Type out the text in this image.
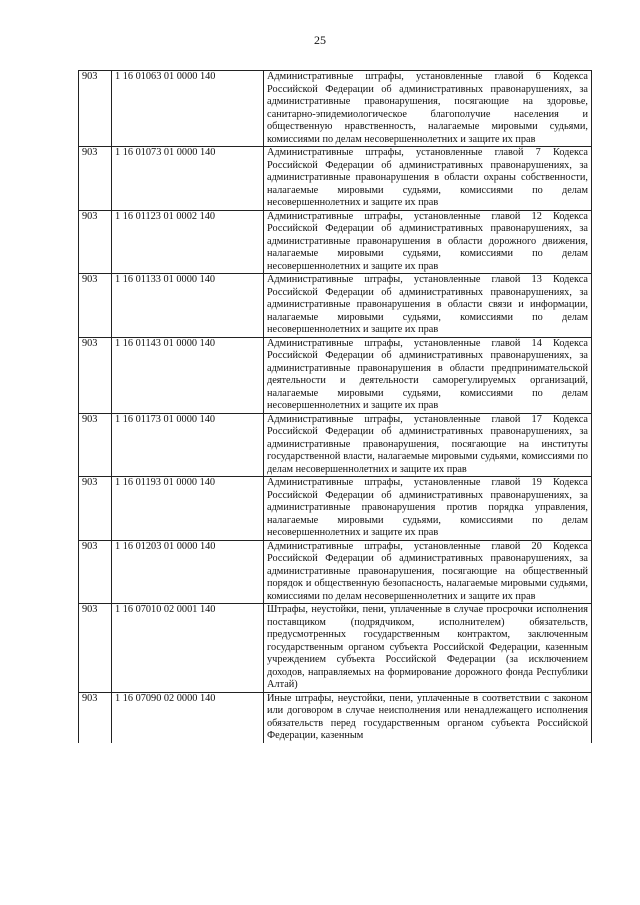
25
903	1 16 01063 01 0000 140	Административные штрафы, установленные главой 6 Кодекса Российской Федерации об административных правонарушениях, за административные правонарушения, посягающие на здоровье, санитарно-эпидемиологическое благополучие населения и общественную нравственность, налагаемые мировыми судьями, комиссиями по делам несовершеннолетних и защите их прав
903	1 16 01073 01 0000 140	Административные штрафы, установленные главой 7 Кодекса Российской Федерации об административных правонарушениях, за административные правонарушения в области охраны собственности, налагаемые мировыми судьями, комиссиями по делам несовершеннолетних и защите их прав
903	1 16 01123 01 0002 140	Административные штрафы, установленные главой 12 Кодекса Российской Федерации об административных правонарушениях, за административные правонарушения в области дорожного движения, налагаемые мировыми судьями, комиссиями по делам несовершеннолетних и защите их прав
903	1 16 01133 01 0000 140	Административные штрафы, установленные главой 13 Кодекса Российской Федерации об административных правонарушениях, за административные правонарушения в области связи и информации, налагаемые мировыми судьями, комиссиями по делам несовершеннолетних и защите их прав
903	1 16 01143 01 0000 140	Административные штрафы, установленные главой 14 Кодекса Российской Федерации об административных правонарушениях, за административные правонарушения в области предпринимательской деятельности и деятельности саморегулируемых организаций, налагаемые мировыми судьями, комиссиями по делам несовершеннолетних и защите их прав
903	1 16 01173 01 0000 140	Административные штрафы, установленные главой 17 Кодекса Российской Федерации об административных правонарушениях, за административные правонарушения, посягающие на институты государственной власти, налагаемые мировыми судьями, комиссиями по делам несовершеннолетних и защите их прав
903	1 16 01193 01 0000 140	Административные штрафы, установленные главой 19 Кодекса Российской Федерации об административных правонарушениях, за административные правонарушения против порядка управления, налагаемые мировыми судьями, комиссиями по делам несовершеннолетних и защите их прав
903	1 16 01203 01 0000 140	Административные штрафы, установленные главой 20 Кодекса Российской Федерации об административных правонарушениях, за административные правонарушения, посягающие на общественный порядок и общественную безопасность, налагаемые мировыми судьями, комиссиями по делам несовершеннолетних и защите их прав
903	1 16 07010 02 0001 140	Штрафы, неустойки, пени, уплаченные в случае просрочки исполнения поставщиком (подрядчиком, исполнителем) обязательств, предусмотренных государственным контрактом, заключенным государственным органом субъекта Российской Федерации, казенным учреждением субъекта Российской Федерации (за исключением доходов, направляемых на формирование дорожного фонда Республики Алтай)
903	1 16 07090 02 0000 140	Иные штрафы, неустойки, пени, уплаченные в соответствии с законом или договором в случае неисполнения или ненадлежащего исполнения обязательств перед государственным органом субъекта Российской Федерации, казенным
